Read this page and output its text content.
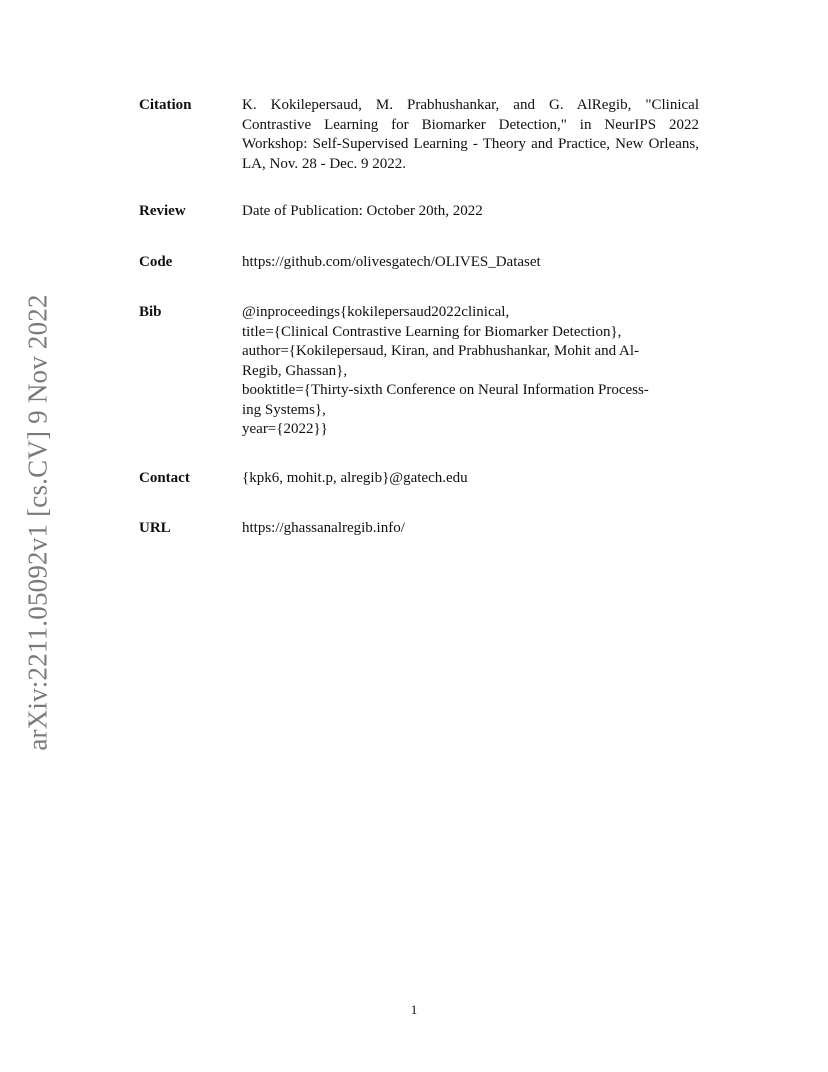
arXiv:2211.05092v1 [cs.CV] 9 Nov 2022
Citation	K. Kokilepersaud, M. Prabhushankar, and G. AlRegib, "Clinical Contrastive Learning for Biomarker Detection," in NeurIPS 2022 Workshop: Self-Supervised Learning - Theory and Practice, New Orleans, LA, Nov. 28 - Dec. 9 2022.
Review	Date of Publication: October 20th, 2022
Code	https://github.com/olivesgatech/OLIVES_Dataset
Bib	@inproceedings{kokilepersaud2022clinical,
title={Clinical Contrastive Learning for Biomarker Detection},
author={Kokilepersaud, Kiran, and Prabhushankar, Mohit and Al-
Regib, Ghassan},
booktitle={Thirty-sixth Conference on Neural Information Process-
ing Systems},
year={2022}}
Contact	{kpk6, mohit.p, alregib}@gatech.edu
URL	https://ghassanalregib.info/
1
